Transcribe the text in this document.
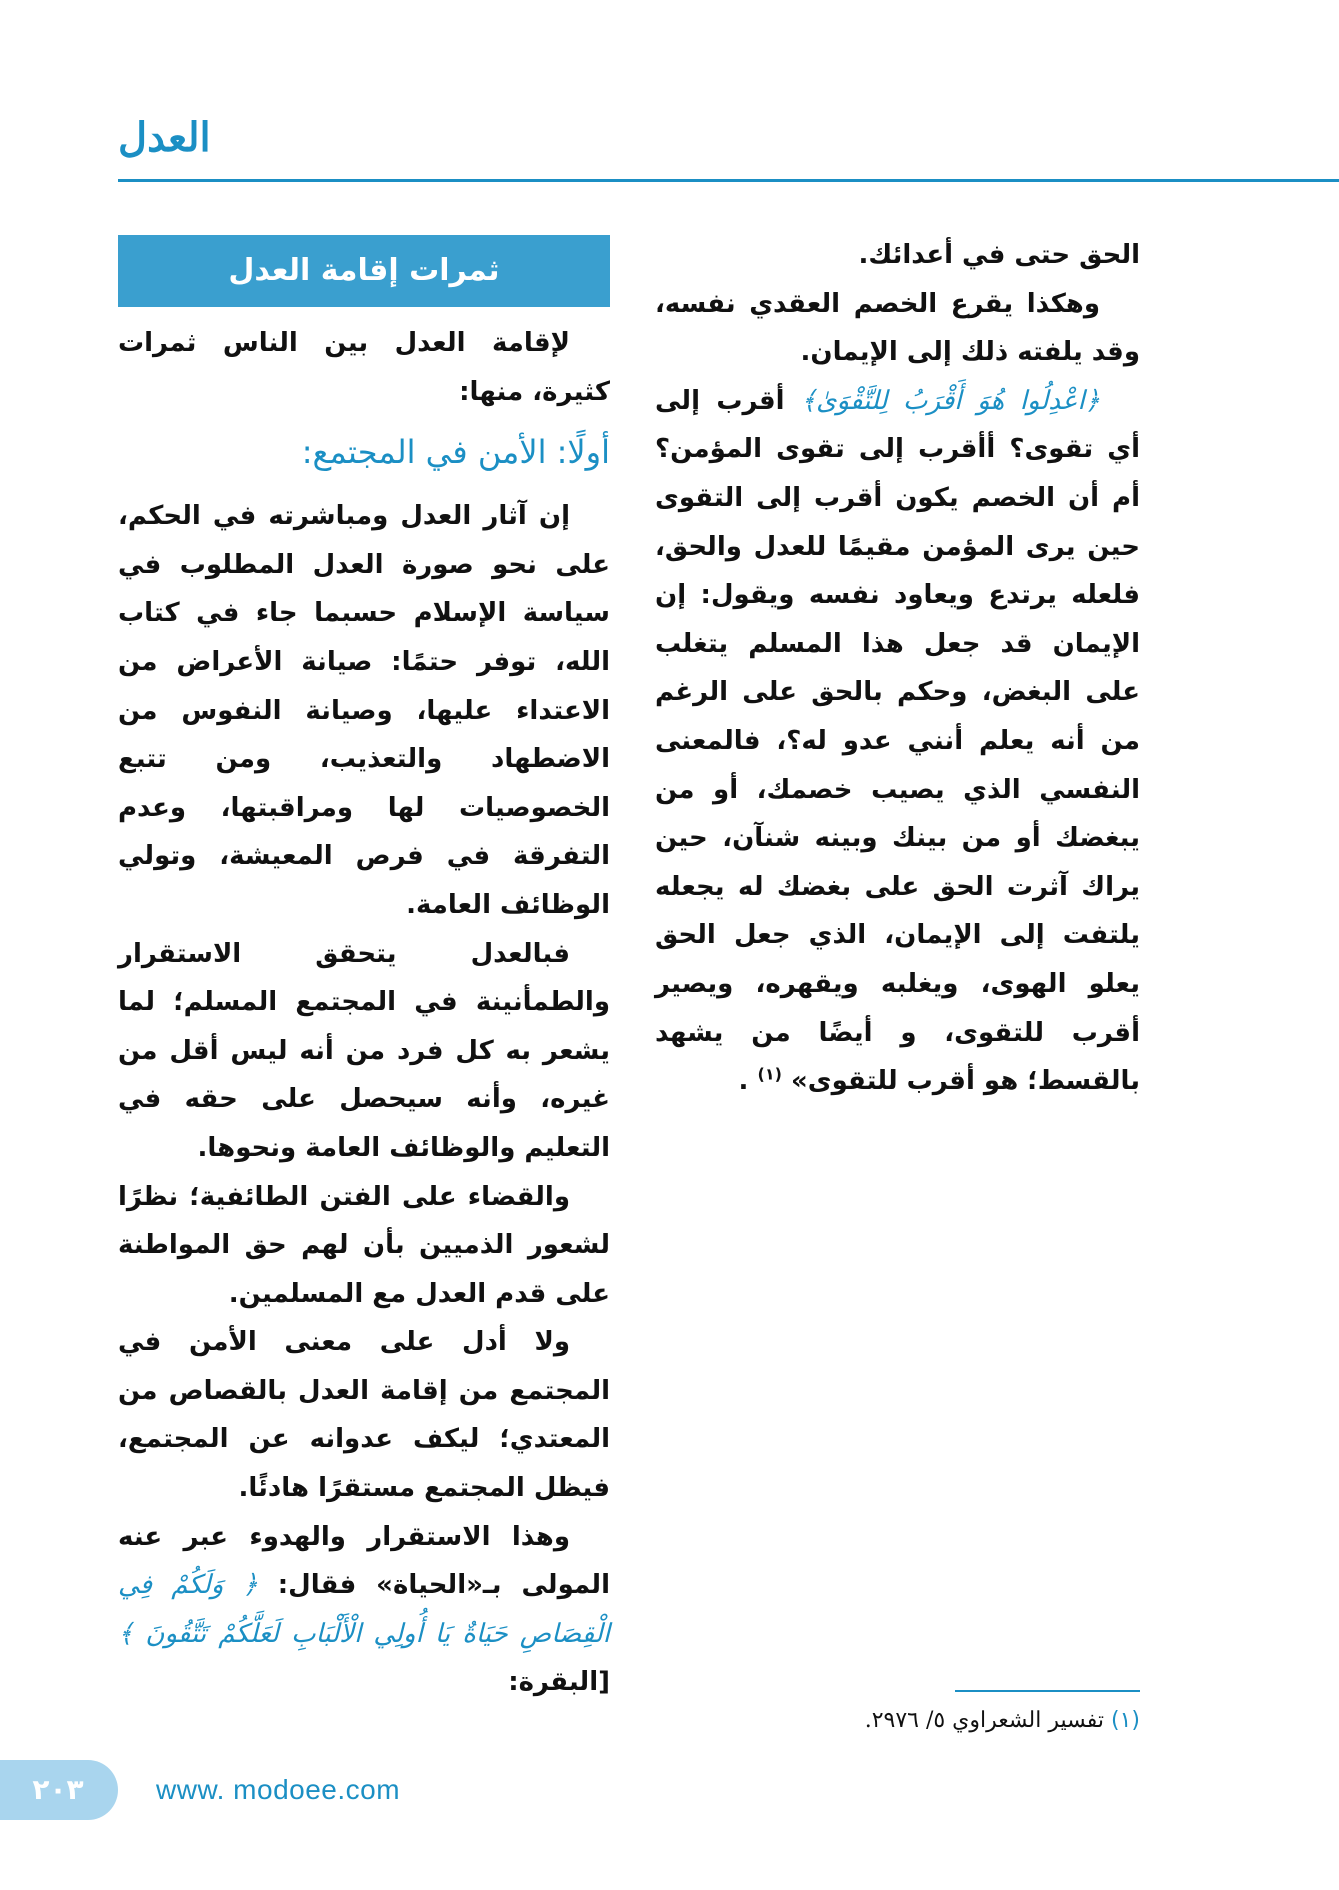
العدل

الحق حتى في أعدائك.

وهكذا يقرع الخصم العقدي نفسه، وقد يلفته ذلك إلى الإيمان.

﴿اعْدِلُوا هُوَ أَقْرَبُ لِلتَّقْوَىٰ﴾ أقرب إلى أي تقوى؟ أأقرب إلى تقوى المؤمن؟ أم أن الخصم يكون أقرب إلى التقوى حين يرى المؤمن مقيمًا للعدل والحق، فلعله يرتدع ويعاود نفسه ويقول: إن الإيمان قد جعل هذا المسلم يتغلب على البغض، وحكم بالحق على الرغم من أنه يعلم أنني عدو له؟، فالمعنى النفسي الذي يصيب خصمك، أو من يبغضك أو من بينك وبينه شنآن، حين يراك آثرت الحق على بغضك له يجعله يلتفت إلى الإيمان، الذي جعل الحق يعلو الهوى، ويغلبه ويقهره، ويصير أقرب للتقوى، و أيضًا من يشهد بالقسط؛ هو أقرب للتقوى» $^{(١)}$ .

ثمرات إقامة العدل

لإقامة العدل بين الناس ثمرات كثيرة، منها:

أولًا: الأمن في المجتمع:

إن آثار العدل ومباشرته في الحكم، على نحو صورة العدل المطلوب في سياسة الإسلام حسبما جاء في كتاب الله، توفر حتمًا: صيانة الأعراض من الاعتداء عليها، وصيانة النفوس من الاضطهاد والتعذيب، ومن تتبع الخصوصيات لها ومراقبتها، وعدم التفرقة في فرص المعيشة، وتولي الوظائف العامة.

فبالعدل يتحقق الاستقرار والطمأنينة في المجتمع المسلم؛ لما يشعر به كل فرد من أنه ليس أقل من غيره، وأنه سيحصل على حقه في التعليم والوظائف العامة ونحوها.

والقضاء على الفتن الطائفية؛ نظرًا لشعور الذميين بأن لهم حق المواطنة على قدم العدل مع المسلمين.

ولا أدل على معنى الأمن في المجتمع من إقامة العدل بالقصاص من المعتدي؛ ليكف عدوانه عن المجتمع، فيظل المجتمع مستقرًا هادئًا.

وهذا الاستقرار والهدوء عبر عنه المولى بـ«الحياة» فقال: ﴿ وَلَكُمْ فِي الْقِصَاصِ حَيَاةٌ يَا أُولِي الْأَلْبَابِ لَعَلَّكُمْ تَتَّقُونَ ﴾ [البقرة:

(١) تفسير الشعراوي ٥/ ٢٩٧٦.
٢٠٣	www. modoee.com
